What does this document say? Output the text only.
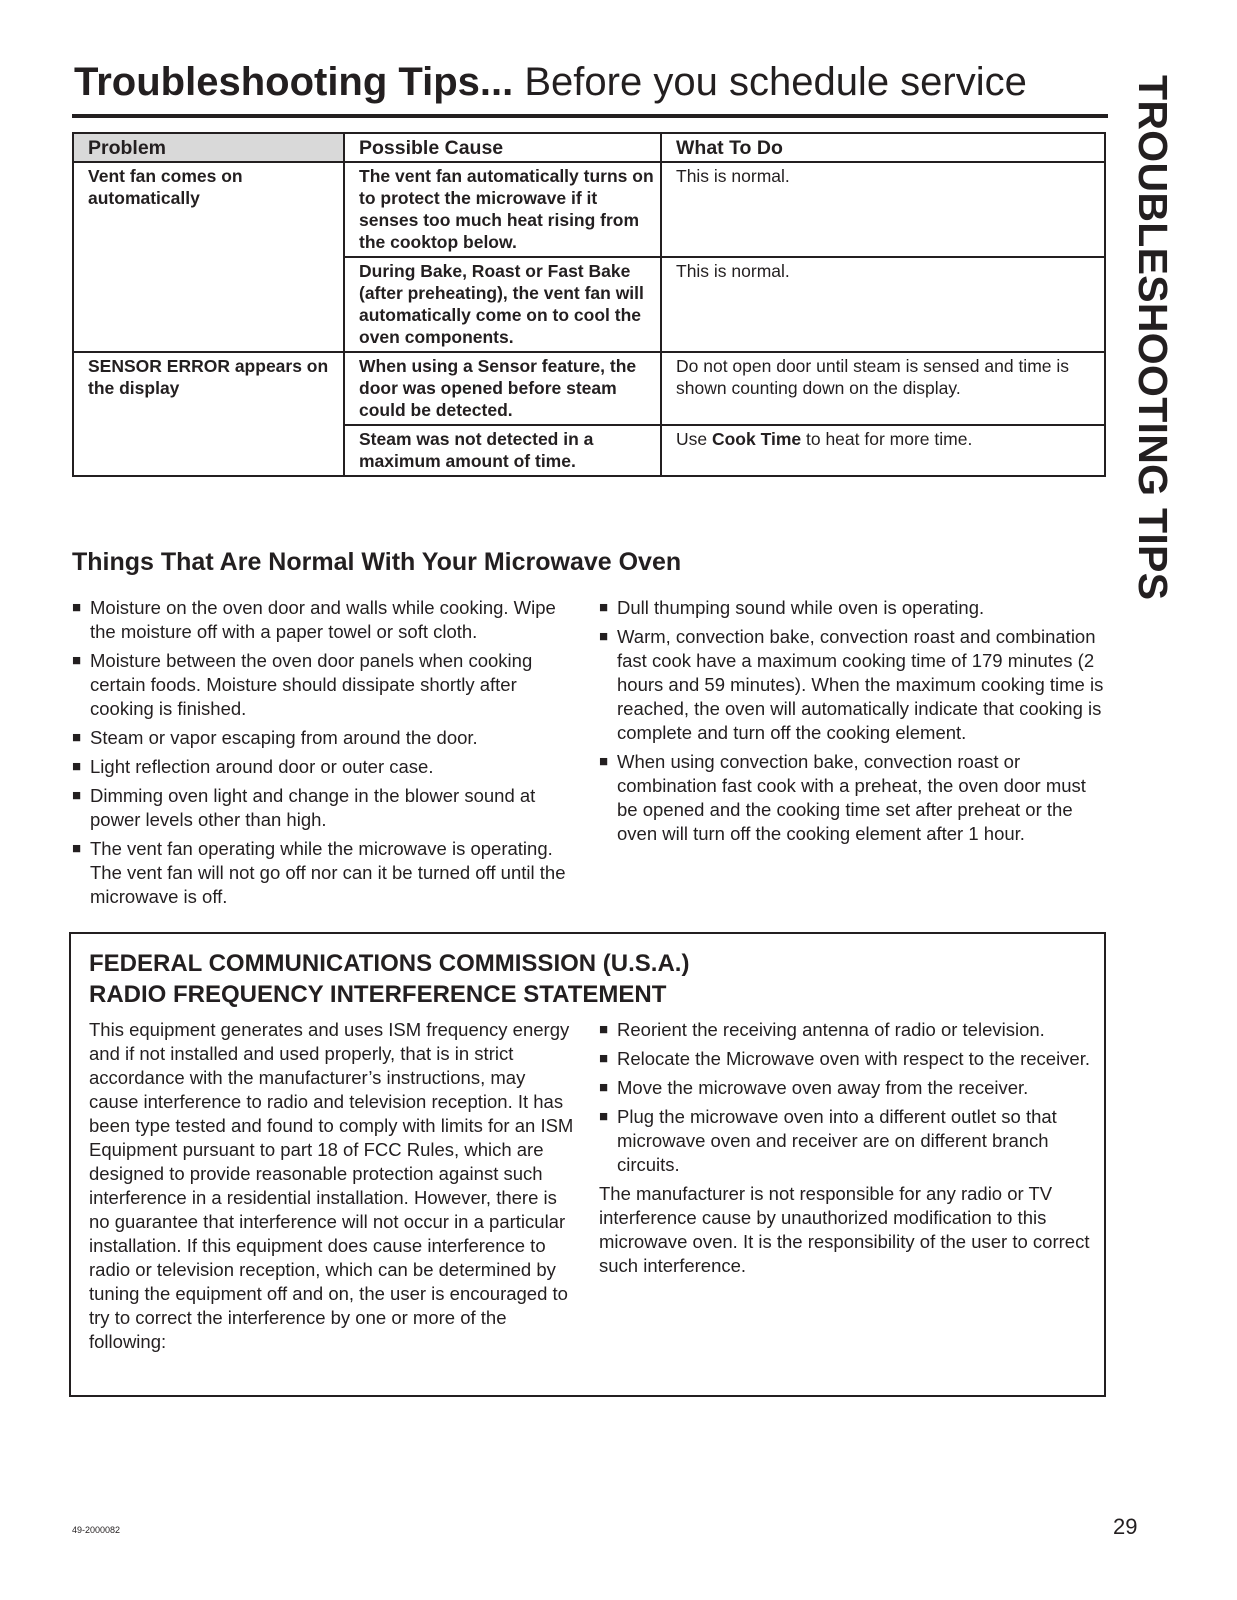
Troubleshooting Tips... Before you schedule service	TROUBLESHOOTING TIPS
Problem	Possible Cause	What To Do
Vent fan comes on automatically	The vent fan automatically turns on to protect the microwave if it senses too much heat rising from the cooktop below.	This is normal.
	During Bake, Roast or Fast Bake (after preheating), the vent fan will automatically come on to cool the oven components.	This is normal.
SENSOR ERROR appears on the display	When using a Sensor feature, the door was opened before steam could be detected.	Do not open door until steam is sensed and time is shown counting down on the display.
	Steam was not detected in a maximum amount of time.	Use Cook Time to heat for more time.
Things That Are Normal With Your Microwave Oven
■ Moisture on the oven door and walls while cooking. Wipe the moisture off with a paper towel or soft cloth.
■ Moisture between the oven door panels when cooking certain foods. Moisture should dissipate shortly after cooking is finished.
■ Steam or vapor escaping from around the door.
■ Light reflection around door or outer case.
■ Dimming oven light and change in the blower sound at power levels other than high.
■ The vent fan operating while the microwave is operating. The vent fan will not go off nor can it be turned off until the microwave is off.
■ Dull thumping sound while oven is operating.
■ Warm, convection bake, convection roast and combination fast cook have a maximum cooking time of 179 minutes (2 hours and 59 minutes). When the maximum cooking time is reached, the oven will automatically indicate that cooking is complete and turn off the cooking element.
■ When using convection bake, convection roast or combination fast cook with a preheat, the oven door must be opened and the cooking time set after preheat or the oven will turn off the cooking element after 1 hour.
FEDERAL COMMUNICATIONS COMMISSION (U.S.A.)
RADIO FREQUENCY INTERFERENCE STATEMENT
This equipment generates and uses ISM frequency energy and if not installed and used properly, that is in strict accordance with the manufacturer’s instructions, may cause interference to radio and television reception. It has been type tested and found to comply with limits for an ISM Equipment pursuant to part 18 of FCC Rules, which are designed to provide reasonable protection against such interference in a residential installation. However, there is no guarantee that interference will not occur in a particular installation. If this equipment does cause interference to radio or television reception, which can be determined by tuning the equipment off and on, the user is encouraged to try to correct the interference by one or more of the following:
■ Reorient the receiving antenna of radio or television.
■ Relocate the Microwave oven with respect to the receiver.
■ Move the microwave oven away from the receiver.
■ Plug the microwave oven into a different outlet so that microwave oven and receiver are on different branch circuits.

The manufacturer is not responsible for any radio or TV interference cause by unauthorized modification to this microwave oven. It is the responsibility of the user to correct such interference.

49-2000082	29
